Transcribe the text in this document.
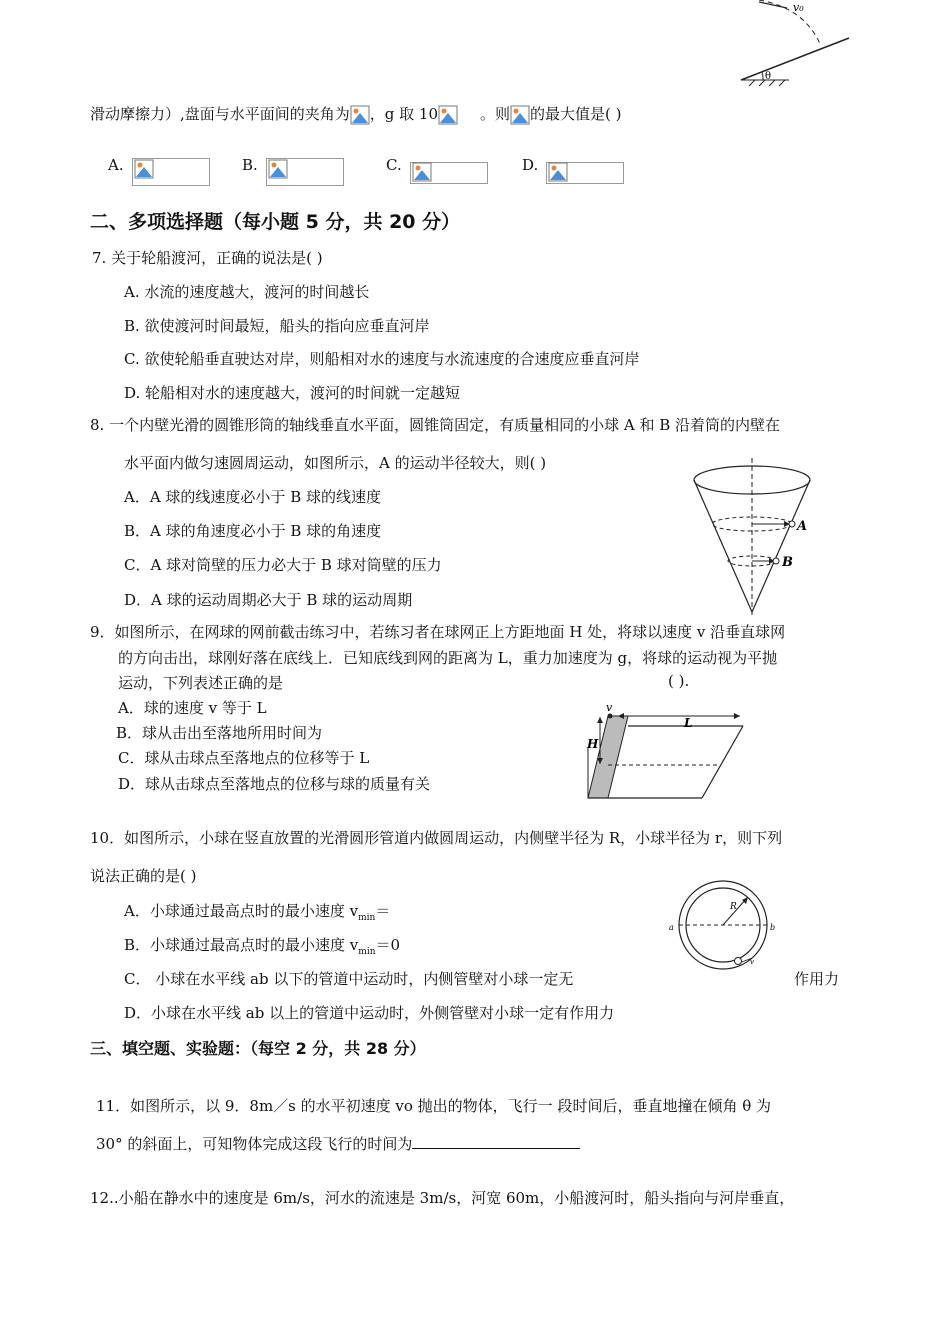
v₀
θ
滑动摩擦力）,盘面与水平面间的夹角为 ，g 取 10	。则 的最大值是( )
A.	B.	C.	D.
二、多项选择题（每小题 5 分，共 20 分）
7. 关于轮船渡河，正确的说法是( )
A. 水流的速度越大，渡河的时间越长
B. 欲使渡河时间最短，船头的指向应垂直河岸
C. 欲使轮船垂直驶达对岸，则船相对水的速度与水流速度的合速度应垂直河岸
D. 轮船相对水的速度越大，渡河的时间就一定越短
8. 一个内壁光滑的圆锥形筒的轴线垂直水平面，圆锥筒固定，有质量相同的小球 A 和 B 沿着筒的内壁在
水平面内做匀速圆周运动，如图所示，A 的运动半径较大，则( )
A．A 球的线速度必小于 B 球的线速度
B．A 球的角速度必小于 B 球的角速度
C．A 球对筒壁的压力必大于 B 球对筒壁的压力
D．A 球的运动周期必大于 B 球的运动周期
A
B
9．如图所示，在网球的网前截击练习中，若练习者在球网正上方距地面 H 处，将球以速度 v 沿垂直球网
的方向击出，球刚好落在底线上．已知底线到网的距离为 L，重力加速度为 g，将球的运动视为平抛
运动，下列表述正确的是	( ).
A．球的速度 v 等于 L
B．球从击出至落地所用时间为
C．球从击球点至落地点的位移等于 L
D．球从击球点至落地点的位移与球的质量有关
v
H
L
10．如图所示，小球在竖直放置的光滑圆形管道内做圆周运动，内侧壁半径为 R，小球半径为 r，则下列
说法正确的是( )
A．小球通过最高点时的最小速度 $v_{min}=$
B．小球通过最高点时的最小速度 $v_{min}=0$
C． 小球在水平线 ab 以下的管道中运动时，内侧管壁对小球一定无	作用力
D．小球在水平线 ab 以上的管道中运动时，外侧管壁对小球一定有作用力
R
a	b
v
三、填空题、实验题：（每空 2 分，共 28 分）
11．如图所示，以 9．8m／s 的水平初速度 vo 抛出的物体，飞行一 段时间后，垂直地撞在倾角 θ 为
30° 的斜面上，可知物体完成这段飞行的时间为
12..小船在静水中的速度是 6m/s，河水的流速是 3m/s，河宽 60m，小船渡河时，船头指向与河岸垂直，
